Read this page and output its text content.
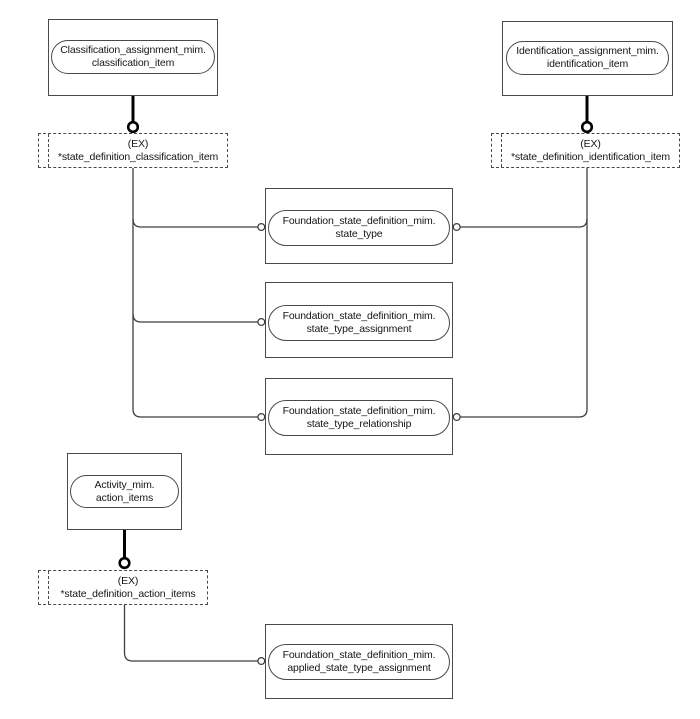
Classification_assignment_mim.
classification_item
Identification_assignment_mim.
identification_item
(EX)
*state_definition_classification_item
(EX)
*state_definition_identification_item
Foundation_state_definition_mim.
state_type
Foundation_state_definition_mim.
state_type_assignment
Foundation_state_definition_mim.
state_type_relationship
Activity_mim.
action_items
(EX)
*state_definition_action_items
Foundation_state_definition_mim.
applied_state_type_assignment
